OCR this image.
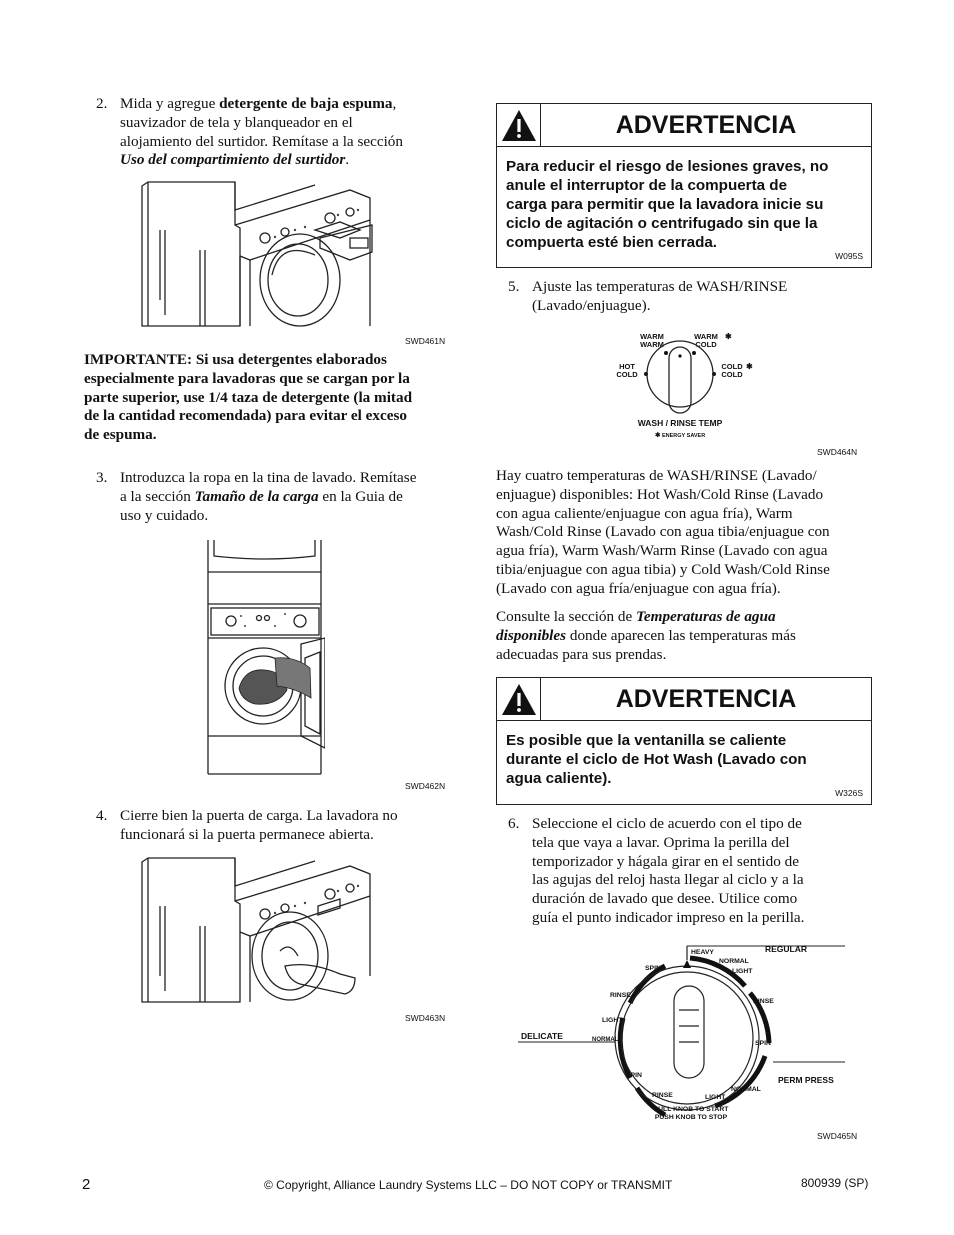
2. Mida y agregue detergente de baja espuma,
suavizador de tela y blanqueador en el
alojamiento del surtidor. Remítase a la sección
Uso del compartimiento del surtidor.
SWD461N
IMPORTANTE: Si usa detergentes elaborados
especialmente para lavadoras que se cargan por la
parte superior, use 1/4 taza de detergente (la mitad
de la cantidad recomendada) para evitar el exceso
de espuma.
3. Introduzca la ropa en la tina de lavado. Remítase
a la sección Tamaño de la carga en la Guia de
uso y cuidado.
SWD462N
4. Cierre bien la puerta de carga. La lavadora no
funcionará si la puerta permanece abierta.
SWD463N
ADVERTENCIA
Para reducir el riesgo de lesiones graves, no
anule el interruptor de la compuerta de
carga para permitir que la lavadora inicie su
ciclo de agitación o centrifugado sin que la
compuerta esté bien cerrada.
W095S
5. Ajuste las temperaturas de WASH/RINSE
(Lavado/enjuague).
WARM
WARM
WARM
COLD
✱
HOT
COLD
COLD
COLD
✱
WASH / RINSE TEMP
✱ ENERGY SAVER
SWD464N
Hay cuatro temperaturas de WASH/RINSE (Lavado/
enjuague) disponibles: Hot Wash/Cold Rinse (Lavado
con agua caliente/enjuague con agua fría), Warm
Wash/Cold Rinse (Lavado con agua tibia/enjuague con
agua fría), Warm Wash/Warm Rinse (Lavado con agua
tibia/enjuague con agua tibia) y Cold Wash/Cold Rinse
(Lavado con agua fría/enjuague con agua fría).
Consulte la sección de Temperaturas de agua
disponibles donde aparecen las temperaturas más
adecuadas para sus prendas.
ADVERTENCIA
Es posible que la ventanilla se caliente
durante el ciclo de Hot Wash (Lavado con
agua caliente).
W326S
6. Seleccione el ciclo de acuerdo con el tipo de
tela que vaya a lavar. Oprima la perilla del
temporizador y hágala girar en el sentido de
las agujas del reloj hasta llegar al ciclo y a la
duración de lavado que desee. Utilice como
guía el punto indicador impreso en la perilla.
REGULAR
HEAVY
NORMAL
LIGHT
RINSE
SPIN
PERM PRESS
NORMAL
LIGHT
RINSE
SPIN
DELICATE	NORMAL
LIGHT
RINSE
SPIN
PULL KNOB TO START
PUSH KNOB TO STOP
SWD465N
2	© Copyright, Alliance Laundry Systems LLC – DO NOT COPY or TRANSMIT	800939 (SP)
